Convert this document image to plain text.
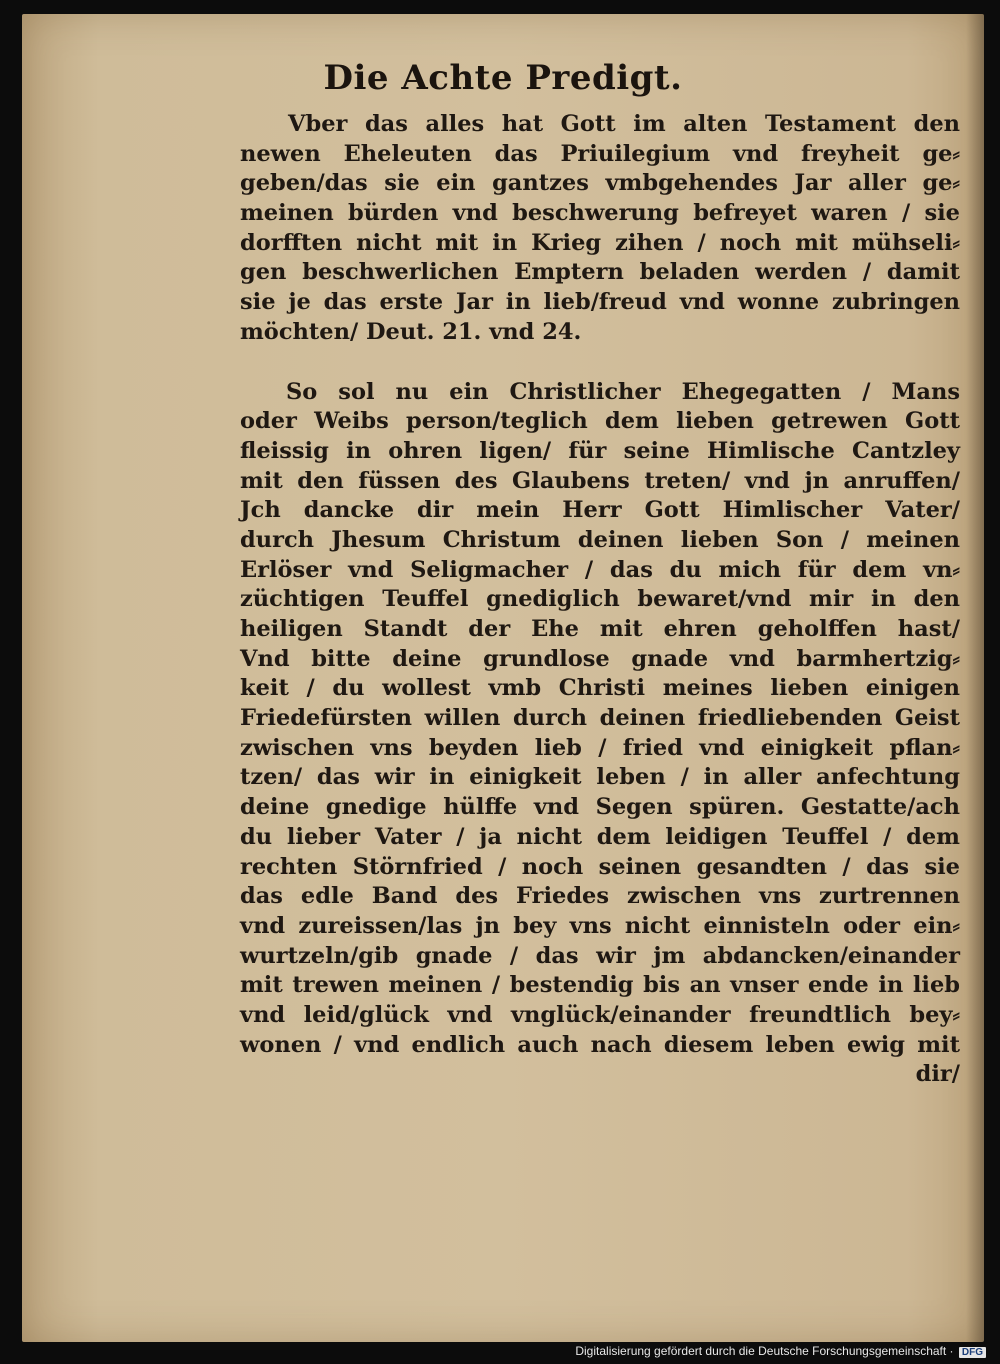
Die Achte Predigt.
Vber das alles hat Gott im alten Testament den
newen Eheleuten das Priuilegium vnd freyheit ge⸗
geben/das sie ein gantzes vmbgehendes Jar aller ge⸗
meinen bürden vnd beschwerung befreyet waren / sie
dorfften nicht mit in Krieg zihen / noch mit mühseli⸗
gen beschwerlichen Emptern beladen werden / damit
sie je das erste Jar in lieb/freud vnd wonne zubringen
möchten/ Deut. 21. vnd 24.
So sol nu ein Christlicher Ehegegatten / Mans
oder Weibs person/teglich dem lieben getrewen Gott
fleissig in ohren ligen/ für seine Himlische Cantzley
mit den füssen des Glaubens treten/ vnd jn anruffen/
Jch dancke dir mein Herr Gott Himlischer Vater/
durch Jhesum Christum deinen lieben Son / meinen
Erlöser vnd Seligmacher / das du mich für dem vn⸗
züchtigen Teuffel gnediglich bewaret/vnd mir in den
heiligen Standt der Ehe mit ehren geholffen hast/
Vnd bitte deine grundlose gnade vnd barmhertzig⸗
keit / du wollest vmb Christi meines lieben einigen
Friedefürsten willen durch deinen friedliebenden Geist
zwischen vns beyden lieb / fried vnd einigkeit pflan⸗
tzen/ das wir in einigkeit leben / in aller anfechtung
deine gnedige hülffe vnd Segen spüren. Gestatte/ach
du lieber Vater / ja nicht dem leidigen Teuffel / dem
rechten Störnfried / noch seinen gesandten / das sie
das edle Band des Friedes zwischen vns zurtrennen
vnd zureissen/las jn bey vns nicht einnisteln oder ein⸗
wurtzeln/gib gnade / das wir jm abdancken/einander
mit trewen meinen / bestendig bis an vnser ende in lieb
vnd leid/glück vnd vnglück/einander freundtlich bey⸗
wonen / vnd endlich auch nach diesem leben ewig mit
dir/
Digitalisierung gefördert durch die Deutsche Forschungsgemeinschaft · DFG
